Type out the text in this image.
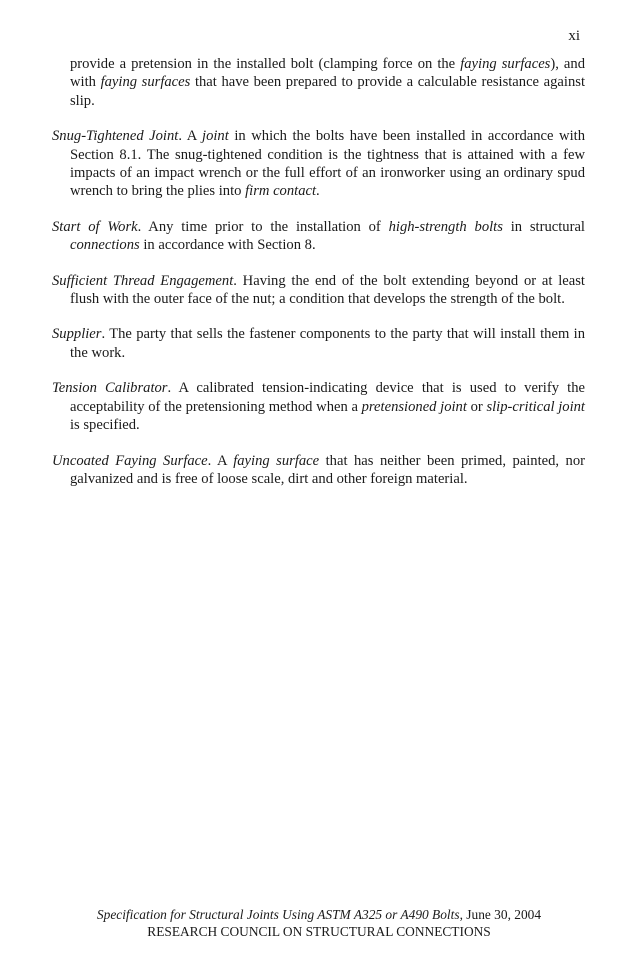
xi

provide a pretension in the installed bolt (clamping force on the faying surfaces), and with faying surfaces that have been prepared to provide a calculable resistance against slip.

Snug-Tightened Joint. A joint in which the bolts have been installed in accordance with Section 8.1. The snug-tightened condition is the tightness that is attained with a few impacts of an impact wrench or the full effort of an ironworker using an ordinary spud wrench to bring the plies into firm contact.

Start of Work. Any time prior to the installation of high-strength bolts in structural connections in accordance with Section 8.

Sufficient Thread Engagement. Having the end of the bolt extending beyond or at least flush with the outer face of the nut; a condition that develops the strength of the bolt.

Supplier. The party that sells the fastener components to the party that will install them in the work.

Tension Calibrator. A calibrated tension-indicating device that is used to verify the acceptability of the pretensioning method when a pretensioned joint or slip-critical joint is specified.

Uncoated Faying Surface. A faying surface that has neither been primed, painted, nor galvanized and is free of loose scale, dirt and other foreign material.

Specification for Structural Joints Using ASTM A325 or A490 Bolts, June 30, 2004
RESEARCH COUNCIL ON STRUCTURAL CONNECTIONS
